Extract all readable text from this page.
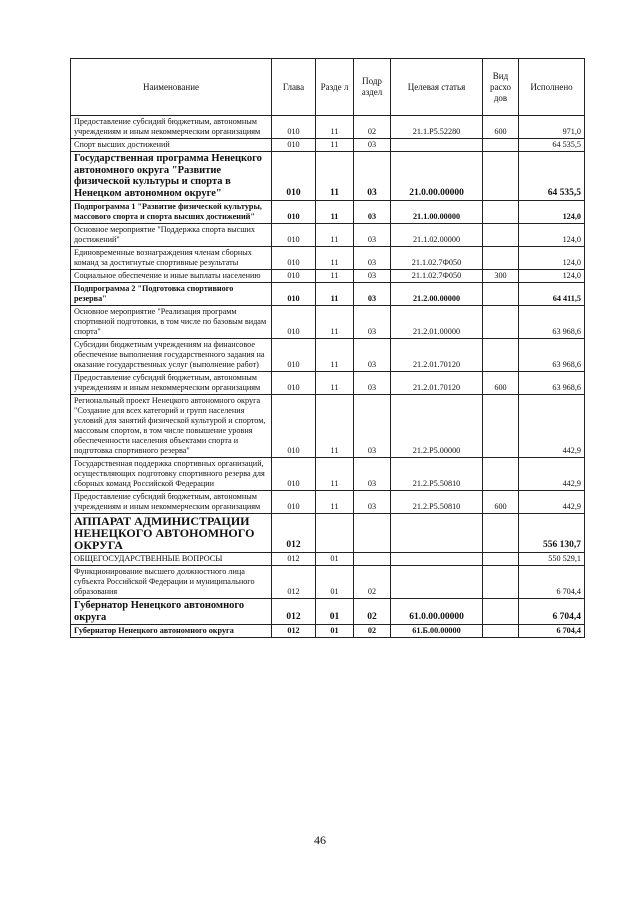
Наименование	Глава	Разде л	Подр аздел	Целевая статья	Вид расхо дов	Исполнено
Предоставление субсидий бюджетным, автономным учреждениям и иным некоммерческим организациям	010	11	02	21.1.P5.52280	600	971,0
Спорт высших достижений	010	11	03			64 535,5
Государственная программа Ненецкого автономного округа "Развитие физической культуры и спорта в Ненецком автономном округе"	010	11	03	21.0.00.00000		64 535,5
Подпрограмма 1 "Развитие физической культуры, массового спорта и спорта высших достижений"	010	11	03	21.1.00.00000		124,0
Основное мероприятие "Поддержка спорта высших достижений"	010	11	03	21.1.02.00000		124,0
Единовременные вознаграждения членам сборных команд за достигнутые спортивные результаты	010	11	03	21.1.02.7Ф050		124,0
Социальное обеспечение и иные выплаты населению	010	11	03	21.1.02.7Ф050	300	124,0
Подпрограмма 2 "Подготовка спортивного резерва"	010	11	03	21.2.00.00000		64 411,5
Основное мероприятие "Реализация программ спортивной подготовки, в том числе по базовым видам спорта"	010	11	03	21.2.01.00000		63 968,6
Субсидии бюджетным учреждениям на финансовое обеспечение выполнения государственного задания на оказание государственных услуг (выполнение работ)	010	11	03	21.2.01.70120		63 968,6
Предоставление субсидий бюджетным, автономным учреждениям и иным некоммерческим организациям	010	11	03	21.2.01.70120	600	63 968,6
Региональный проект Ненецкого автономного округа "Создание для всех категорий и групп населения условий для занятий физической культурой и спортом, массовым спортом, в том числе повышение уровня обеспеченности населения объектами спорта и подготовка спортивного резерва"	010	11	03	21.2.P5.00000		442,9
Государственная поддержка спортивных организаций, осуществляющих подготовку спортивного резерва для сборных команд Российской Федерации	010	11	03	21.2.P5.50810		442,9
Предоставление субсидий бюджетным, автономным учреждениям и иным некоммерческим организациям	010	11	03	21.2.P5.50810	600	442,9
АППАРАТ АДМИНИСТРАЦИИ НЕНЕЦКОГО АВТОНОМНОГО ОКРУГА	012					556 130,7
ОБЩЕГОСУДАРСТВЕННЫЕ ВОПРОСЫ	012	01				550 529,1
Функционирование высшего должностного лица субъекта Российской Федерации и муниципального образования	012	01	02			6 704,4
Губернатор Ненецкого автономного округа	012	01	02	61.0.00.00000		6 704,4
Губернатор Ненецкого автономного округа	012	01	02	61.Б.00.00000		6 704,4
46
